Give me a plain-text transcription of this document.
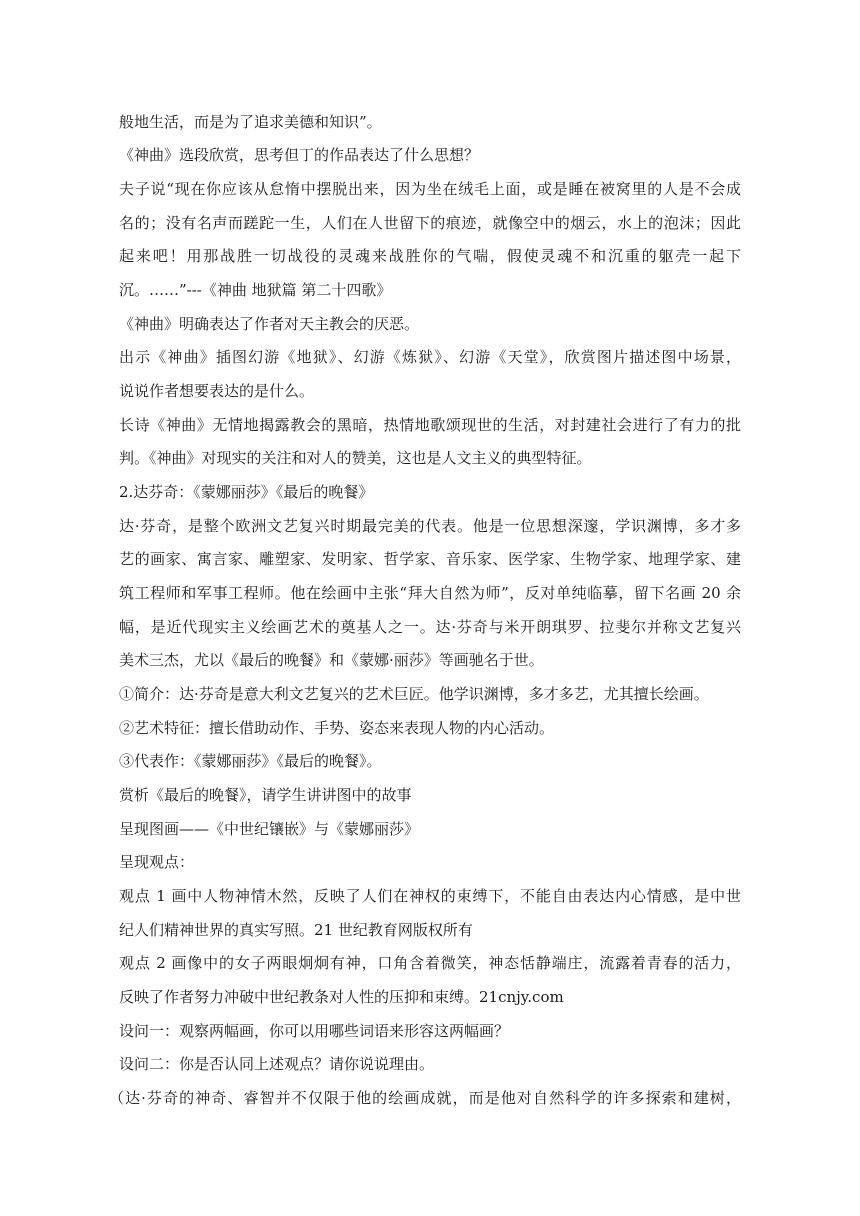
般地生活，而是为了追求美德和知识”。
《神曲》选段欣赏，思考但丁的作品表达了什么思想？
夫子说“现在你应该从怠惰中摆脱出来，因为坐在绒毛上面，或是睡在被窝里的人是不会成
名的；没有名声而蹉跎一生，人们在人世留下的痕迹，就像空中的烟云，水上的泡沫；因此
起来吧！用那战胜一切战役的灵魂来战胜你的气喘，假使灵魂不和沉重的躯壳一起下
沉。……”---《神曲 地狱篇 第二十四歌》
《神曲》明确表达了作者对天主教会的厌恶。
出示《神曲》插图幻游《地狱》、幻游《炼狱》、幻游《天堂》，欣赏图片描述图中场景，
说说作者想要表达的是什么。
长诗《神曲》无情地揭露教会的黑暗，热情地歌颂现世的生活，对封建社会进行了有力的批
判。《神曲》对现实的关注和对人的赞美，这也是人文主义的典型特征。
2.达芬奇：《蒙娜丽莎》《最后的晚餐》
达·芬奇，是整个欧洲文艺复兴时期最完美的代表。他是一位思想深邃，学识渊博，多才多
艺的画家、寓言家、雕塑家、发明家、哲学家、音乐家、医学家、生物学家、地理学家、建
筑工程师和军事工程师。他在绘画中主张“拜大自然为师”，反对单纯临摹，留下名画 20 余
幅，是近代现实主义绘画艺术的奠基人之一。达·芬奇与米开朗琪罗、拉斐尔并称文艺复兴
美术三杰，尤以《最后的晚餐》和《蒙娜·丽莎》等画驰名于世。
①简介：达·芬奇是意大利文艺复兴的艺术巨匠。他学识渊博，多才多艺，尤其擅长绘画。
②艺术特征：擅长借助动作、手势、姿态来表现人物的内心活动。
③代表作：《蒙娜丽莎》《最后的晚餐》。
赏析《最后的晚餐》，请学生讲讲图中的故事
呈现图画——《中世纪镶嵌》与《蒙娜丽莎》
呈现观点：
观点 1 画中人物神情木然，反映了人们在神权的束缚下，不能自由表达内心情感，是中世
纪人们精神世界的真实写照。21 世纪教育网版权所有
观点 2 画像中的女子两眼炯炯有神，口角含着微笑，神态恬静端庄，流露着青春的活力，
反映了作者努力冲破中世纪教条对人性的压抑和束缚。21cnjy.com
设问一：观察两幅画，你可以用哪些词语来形容这两幅画？
设问二：你是否认同上述观点？请你说说理由。
（达·芬奇的神奇、睿智并不仅限于他的绘画成就，而是他对自然科学的许多探索和建树，
